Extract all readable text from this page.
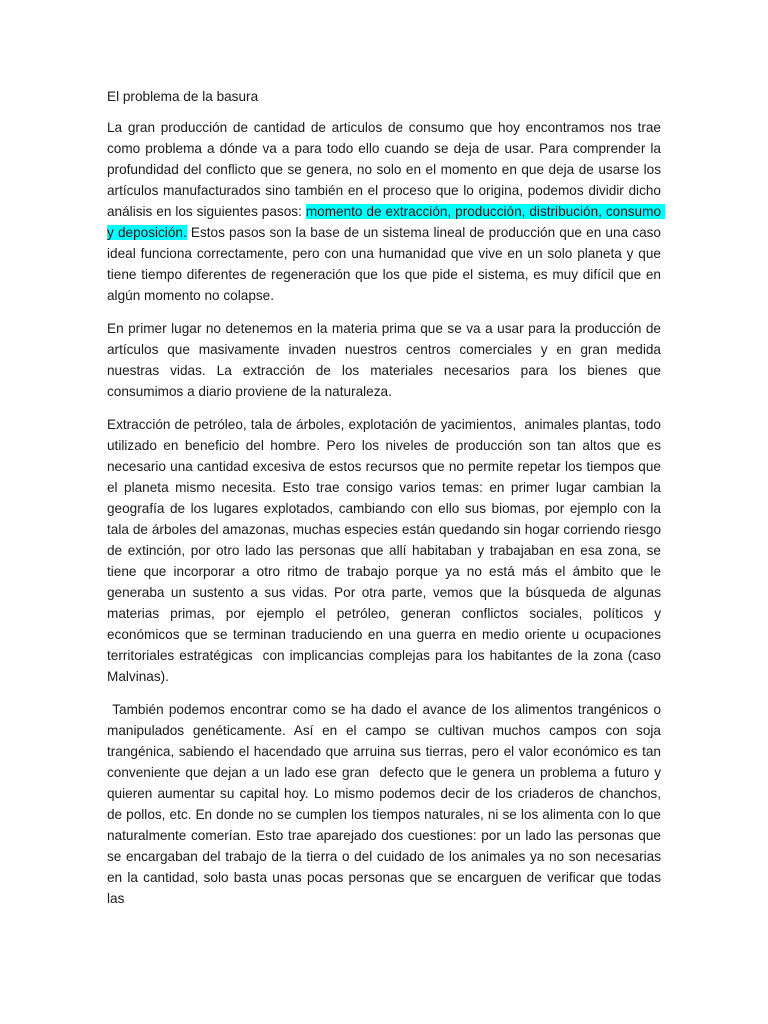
El problema de la basura

La gran producción de cantidad de articulos de consumo que hoy encontramos nos trae como problema a dónde va a para todo ello cuando se deja de usar. Para comprender la profundidad del conflicto que se genera, no solo en el momento en que deja de usarse los artículos manufacturados sino también en el proceso que lo origina, podemos dividir dicho análisis en los siguientes pasos: momento de extracción, producción, distribución, consumo y deposición. Estos pasos son la base de un sistema lineal de producción que en una caso ideal funciona correctamente, pero con una humanidad que vive en un solo planeta y que tiene tiempo diferentes de regeneración que los que pide el sistema, es muy difícil que en algún momento no colapse.

En primer lugar no detenemos en la materia prima que se va a usar para la producción de artículos que masivamente invaden nuestros centros comerciales y en gran medida nuestras vidas. La extracción de los materiales necesarios para los bienes que consumimos a diario proviene de la naturaleza.

Extracción de petróleo, tala de árboles, explotación de yacimientos,  animales plantas, todo utilizado en beneficio del hombre. Pero los niveles de producción son tan altos que es necesario una cantidad excesiva de estos recursos que no permite repetar los tiempos que el planeta mismo necesita. Esto trae consigo varios temas: en primer lugar cambian la geografía de los lugares explotados, cambiando con ello sus biomas, por ejemplo con la tala de árboles del amazonas, muchas especies están quedando sin hogar corriendo riesgo de extinción, por otro lado las personas que allí habitaban y trabajaban en esa zona, se tiene que incorporar a otro ritmo de trabajo porque ya no está más el ámbito que le generaba un sustento a sus vidas. Por otra parte, vemos que la búsqueda de algunas materias primas, por ejemplo el petróleo, generan conflictos sociales, políticos y económicos que se terminan traduciendo en una guerra en medio oriente u ocupaciones territoriales estratégicas  con implicancias complejas para los habitantes de la zona (caso Malvinas).

También podemos encontrar como se ha dado el avance de los alimentos trangénicos o manipulados genéticamente. Así en el campo se cultivan muchos campos con soja trangénica, sabiendo el hacendado que arruina sus tierras, pero el valor económico es tan conveniente que dejan a un lado ese gran  defecto que le genera un problema a futuro y quieren aumentar su capital hoy. Lo mismo podemos decir de los criaderos de chanchos, de pollos, etc. En donde no se cumplen los tiempos naturales, ni se los alimenta con lo que naturalmente comerían. Esto trae aparejado dos cuestiones: por un lado las personas que se encargaban del trabajo de la tierra o del cuidado de los animales ya no son necesarias en la cantidad, solo basta unas pocas personas que se encarguen de verificar que todas las
